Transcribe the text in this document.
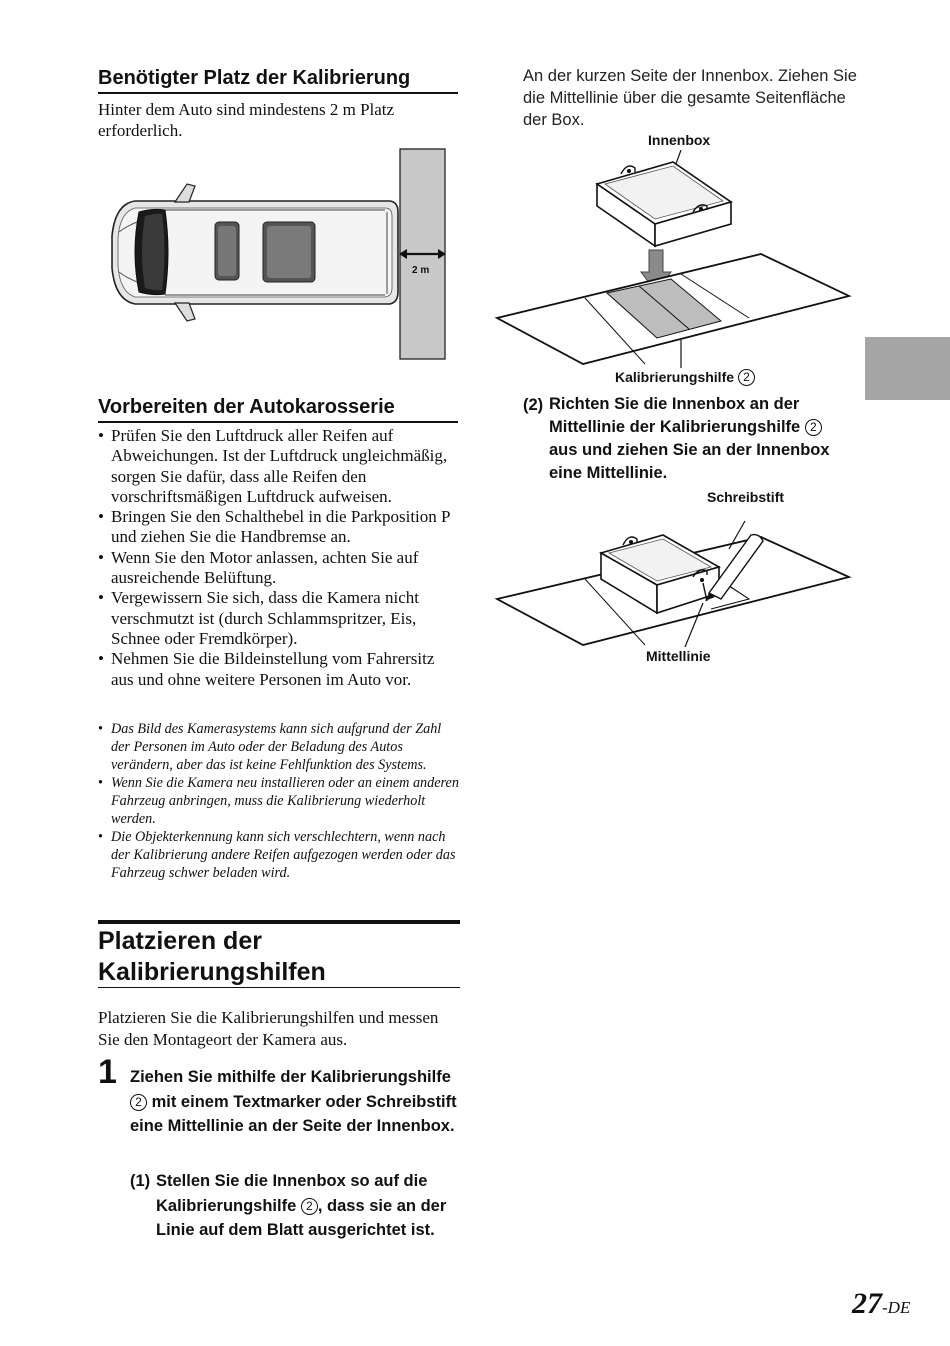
Benötigter Platz der Kalibrierung
Hinter dem Auto sind mindestens 2 m Platz erforderlich.
2 m
Vorbereiten der Autokarosserie
• Prüfen Sie den Luftdruck aller Reifen auf Abweichungen. Ist der Luftdruck ungleichmäßig, sorgen Sie dafür, dass alle Reifen den vorschriftsmäßigen Luftdruck aufweisen.
• Bringen Sie den Schalthebel in die Parkposition P und ziehen Sie die Handbremse an.
• Wenn Sie den Motor anlassen, achten Sie auf ausreichende Belüftung.
• Vergewissern Sie sich, dass die Kamera nicht verschmutzt ist (durch Schlammspritzer, Eis, Schnee oder Fremdkörper).
• Nehmen Sie die Bildeinstellung vom Fahrersitz aus und ohne weitere Personen im Auto vor.
• Das Bild des Kamerasystems kann sich aufgrund der Zahl der Personen im Auto oder der Beladung des Autos verändern, aber das ist keine Fehlfunktion des Systems.
• Wenn Sie die Kamera neu installieren oder an einem anderen Fahrzeug anbringen, muss die Kalibrierung wiederholt werden.
• Die Objekterkennung kann sich verschlechtern, wenn nach der Kalibrierung andere Reifen aufgezogen werden oder das Fahrzeug schwer beladen wird.
Platzieren der
Kalibrierungshilfen
Platzieren Sie die Kalibrierungshilfen und messen Sie den Montageort der Kamera aus.
1 Ziehen Sie mithilfe der Kalibrierungshilfe 2 mit einem Textmarker oder Schreibstift eine Mittellinie an der Seite der Innenbox.
(1) Stellen Sie die Innenbox so auf die Kalibrierungshilfe 2 , dass sie an der Linie auf dem Blatt ausgerichtet ist.
An der kurzen Seite der Innenbox. Ziehen Sie die Mittellinie über die gesamte Seitenfläche der Box.
Innenbox
Kalibrierungshilfe 2
(2) Richten Sie die Innenbox an der Mittellinie der Kalibrierungshilfe 2 aus und ziehen Sie an der Innenbox eine Mittellinie.
Schreibstift
Mittellinie
27-DE
